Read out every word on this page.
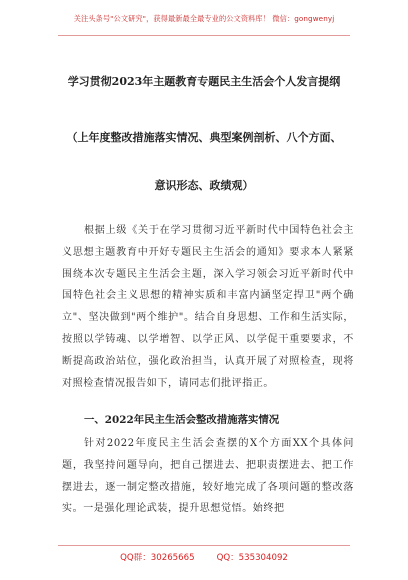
关注头条号"公文研究"，获得最新最全最专业的公文资料库！ 微信：gongwenyj
学习贯彻2023年主题教育专题民主生活会个人发言提纲
（上年度整改措施落实情况、典型案例剖析、八个方面、
意识形态、政绩观）

根据上级《关于在学习贯彻习近平新时代中国特色社会主义思想主题教育中开好专题民主生活会的通知》要求本人紧紧围绕本次专题民主生活会主题，深入学习领会习近平新时代中国特色社会主义思想的精神实质和丰富内涵坚定捍卫"两个确立"、坚决做到"两个维护"。结合自身思想、工作和生活实际，按照以学铸魂、以学增智、以学正风、以学促干重要要求，不断提高政治站位，强化政治担当，认真开展了对照检查，现将对照检查情况报告如下，请同志们批评指正。

一、2022年民主生活会整改措施落实情况

针对2022年度民主生活会查摆的X个方面XX个具体问题，我坚持问题导向，把自己摆进去、把职责摆进去、把工作摆进去，逐一制定整改措施，较好地完成了各项问题的整改落实。一是强化理论武装，提升思想觉悟。始终把

QQ群：30265665	QQ：535304092
